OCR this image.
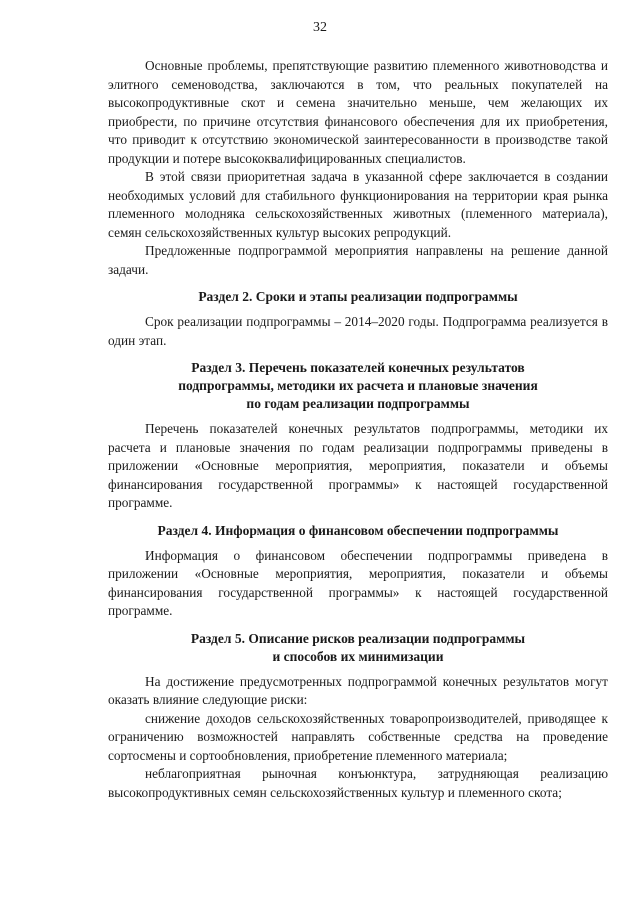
32

Основные проблемы, препятствующие развитию племенного животноводства и элитного семеноводства, заключаются в том, что реальных покупателей на высокопродуктивные скот и семена значительно меньше, чем желающих их приобрести, по причине отсутствия финансового обеспечения для их приобретения, что приводит к отсутствию экономической заинтересованности в производстве такой продукции и потере высококвалифицированных специалистов.

В этой связи приоритетная задача в указанной сфере заключается в создании необходимых условий для стабильного функционирования на территории края рынка племенного молодняка сельскохозяйственных животных (племенного материала), семян сельскохозяйственных культур высоких репродукций.

Предложенные подпрограммой мероприятия направлены на решение данной задачи.

Раздел 2. Сроки и этапы реализации подпрограммы

Срок реализации подпрограммы – 2014–2020 годы. Подпрограмма реализуется в один этап.

Раздел 3. Перечень показателей конечных результатов
подпрограммы, методики их расчета и плановые значения
по годам реализации подпрограммы

Перечень показателей конечных результатов подпрограммы, методики их расчета и плановые значения по годам реализации подпрограммы приведены в приложении «Основные мероприятия, мероприятия, показатели и объемы финансирования государственной программы» к настоящей государственной программе.

Раздел 4. Информация о финансовом обеспечении подпрограммы

Информация о финансовом обеспечении подпрограммы приведена в приложении «Основные мероприятия, мероприятия, показатели и объемы финансирования государственной программы» к настоящей государственной программе.

Раздел 5. Описание рисков реализации подпрограммы
и способов их минимизации

На достижение предусмотренных подпрограммой конечных результатов могут оказать влияние следующие риски:

снижение доходов сельскохозяйственных товаропроизводителей, приводящее к ограничению возможностей направлять собственные средства на проведение сортосмены и сортообновления, приобретение племенного материала;

неблагоприятная рыночная конъюнктура, затрудняющая реализацию высокопродуктивных семян сельскохозяйственных культур и племенного скота;
